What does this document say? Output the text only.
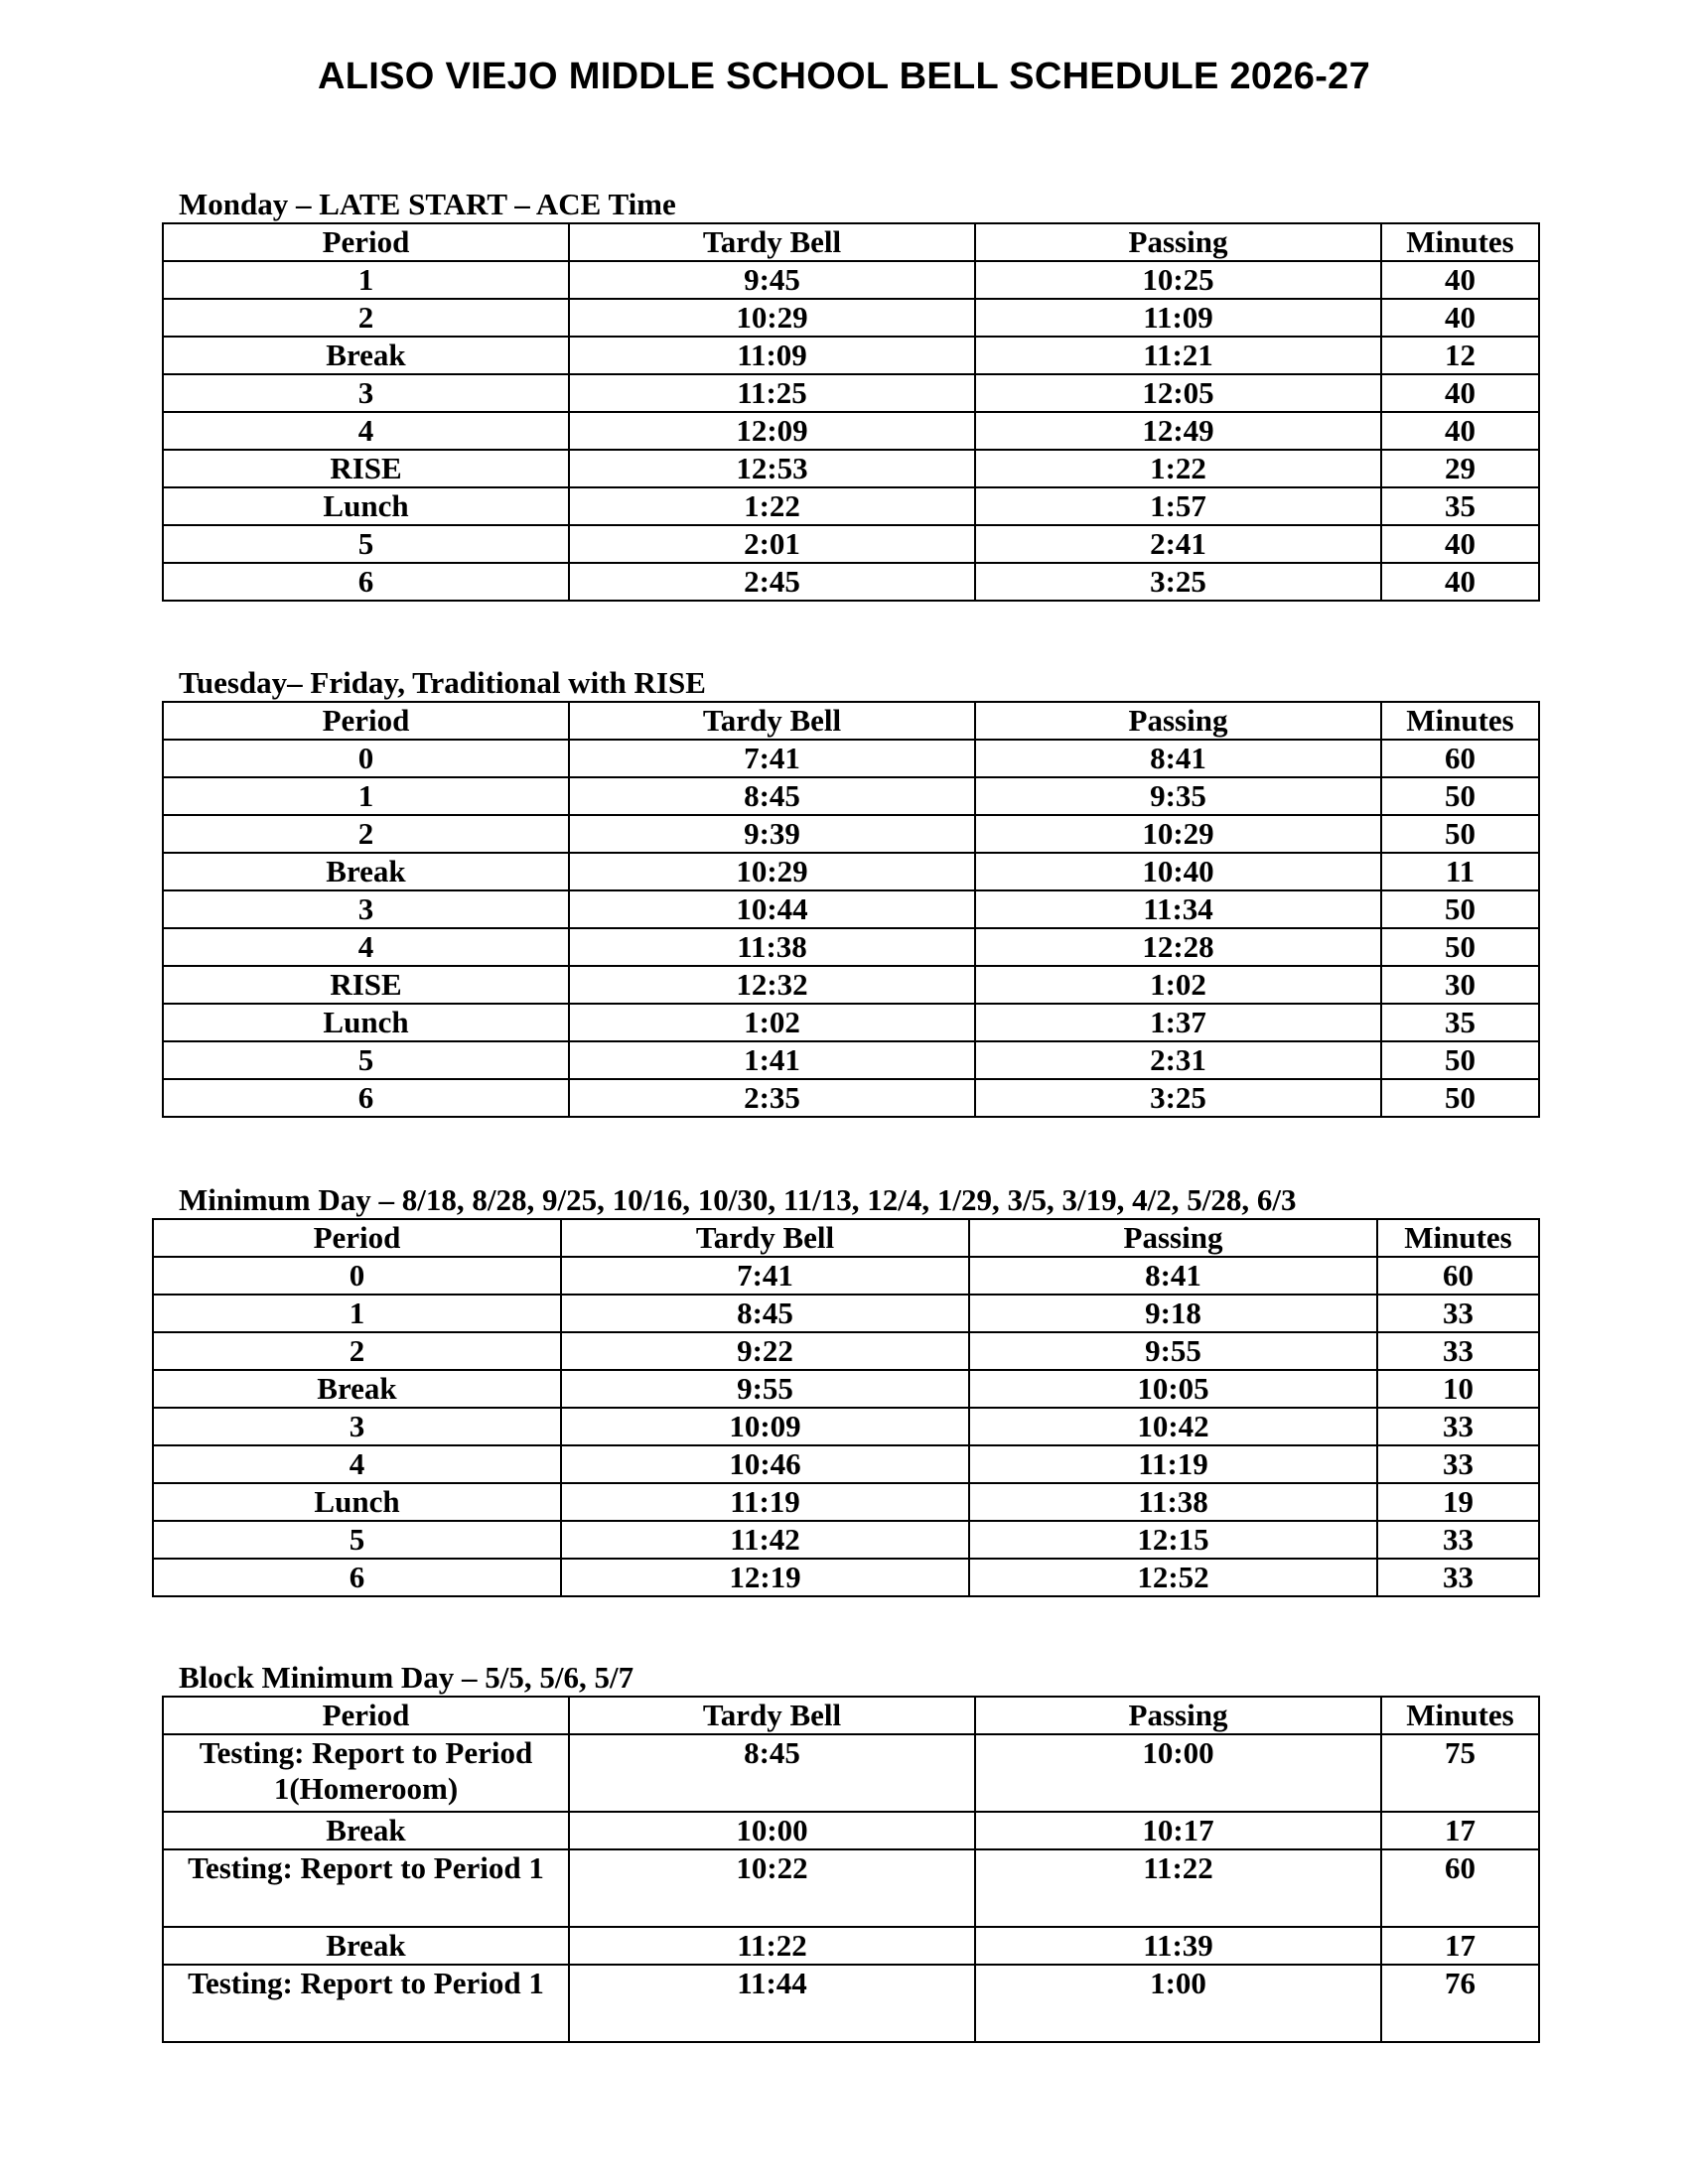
ALISO VIEJO MIDDLE SCHOOL BELL SCHEDULE 2026-27
Monday – LATE START – ACE Time
Period	Tardy Bell	Passing	Minutes
1	9:45	10:25	40
2	10:29	11:09	40
Break	11:09	11:21	12
3	11:25	12:05	40
4	12:09	12:49	40
RISE	12:53	1:22	29
Lunch	1:22	1:57	35
5	2:01	2:41	40
6	2:45	3:25	40
Tuesday– Friday, Traditional with RISE
Period	Tardy Bell	Passing	Minutes
0	7:41	8:41	60
1	8:45	9:35	50
2	9:39	10:29	50
Break	10:29	10:40	11
3	10:44	11:34	50
4	11:38	12:28	50
RISE	12:32	1:02	30
Lunch	1:02	1:37	35
5	1:41	2:31	50
6	2:35	3:25	50
Minimum Day – 8/18, 8/28, 9/25, 10/16, 10/30, 11/13, 12/4, 1/29, 3/5, 3/19, 4/2, 5/28, 6/3
Period	Tardy Bell	Passing	Minutes
0	7:41	8:41	60
1	8:45	9:18	33
2	9:22	9:55	33
Break	9:55	10:05	10
3	10:09	10:42	33
4	10:46	11:19	33
Lunch	11:19	11:38	19
5	11:42	12:15	33
6	12:19	12:52	33
Block Minimum Day – 5/5, 5/6, 5/7
Period	Tardy Bell	Passing	Minutes

Testing: Report to Period 1(Homeroom)	8:45	10:00	75
Break	10:00	10:17	17

Testing: Report to Period 1	10:22	11:22	60
Break	11:22	11:39	17

Testing: Report to Period 1	11:44	1:00	76
